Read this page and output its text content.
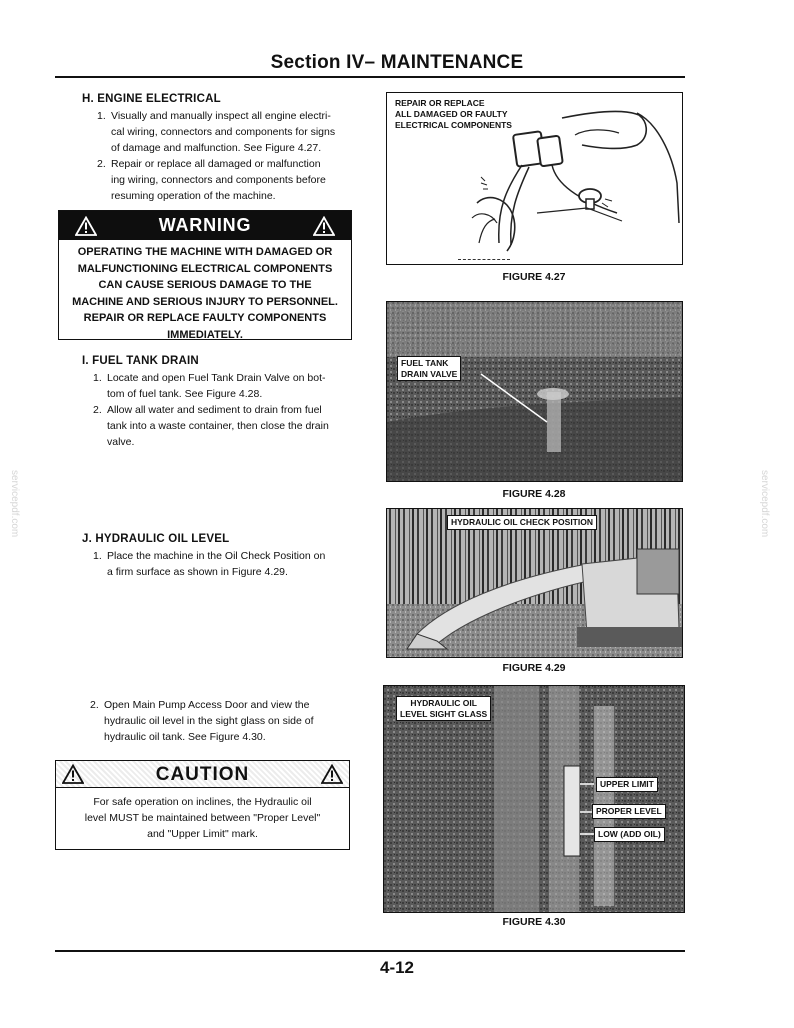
Section IV– MAINTENANCE
servicepdf.com	servicepdf.com
H. ENGINE ELECTRICAL
1. Visually and manually inspect all engine electri-
cal wiring, connectors and components for signs
of damage and malfunction. See Figure 4.27.
2. Repair or replace all damaged or malfunction
ing wiring, connectors and components before
resuming operation of the machine.
WARNING
OPERATING THE MACHINE WITH DAMAGED OR
MALFUNCTIONING ELECTRICAL COMPONENTS
CAN CAUSE SERIOUS DAMAGE TO THE
MACHINE AND SERIOUS INJURY TO PERSONNEL.
REPAIR OR REPLACE FAULTY COMPONENTS
IMMEDIATELY.
I. FUEL TANK DRAIN
1. Locate and open Fuel Tank Drain Valve on bot-
tom of fuel tank. See Figure 4.28.
2. Allow all water and sediment to drain from fuel
tank into a waste container, then close the drain
valve.
J. HYDRAULIC OIL LEVEL
1. Place the machine in the Oil Check Position on
a firm surface as shown in Figure 4.29.
2. Open Main Pump Access Door and view the
hydraulic oil level in the sight glass on side of
hydraulic oil tank. See Figure 4.30.
CAUTION
For safe operation on inclines, the Hydraulic oil
level MUST be maintained between "Proper Level"
and "Upper Limit" mark.
REPAIR OR REPLACE
ALL DAMAGED OR FAULTY
ELECTRICAL COMPONENTS
FIGURE 4.27
FUEL TANK
DRAIN VALVE
FIGURE 4.28
HYDRAULIC OIL CHECK POSITION
FIGURE 4.29
HYDRAULIC OIL
LEVEL SIGHT GLASS
UPPER LIMIT
PROPER LEVEL
LOW (ADD OIL)
FIGURE 4.30
4-12
